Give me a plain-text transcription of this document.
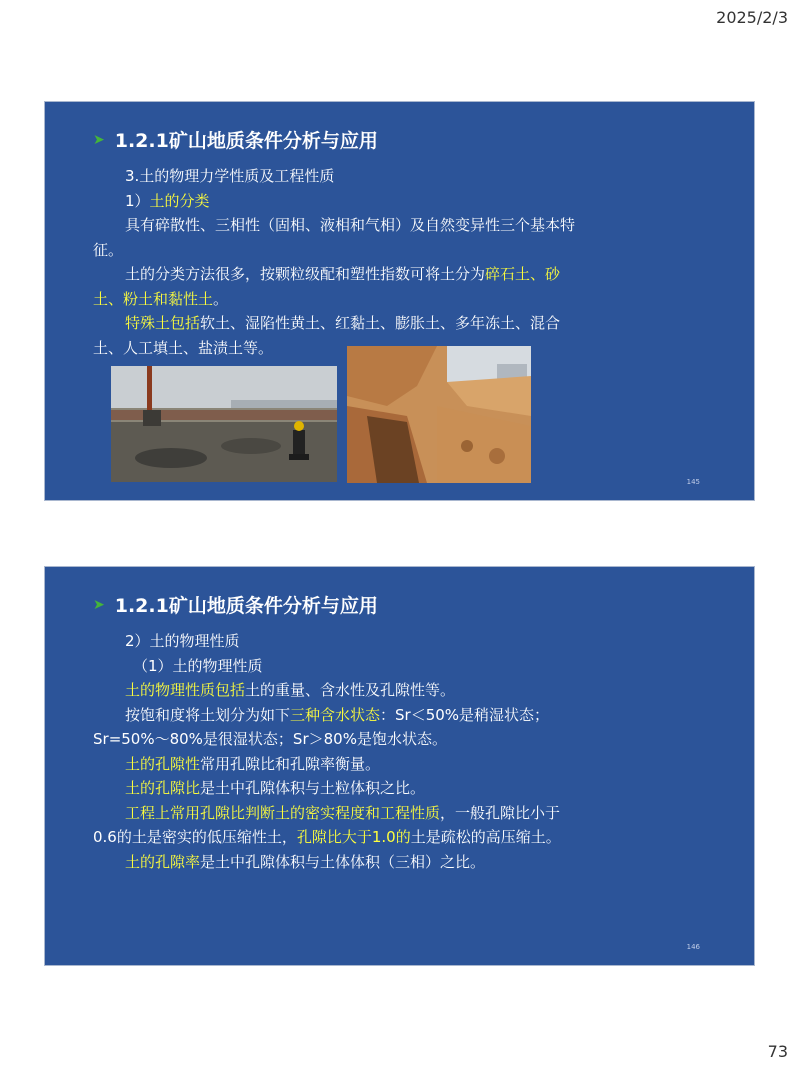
2025/2/3
➤ 1.2.1矿山地质条件分析与应用

3.土的物理力学性质及工程性质

1）土的分类

具有碎散性、三相性（固相、液相和气相）及自然变异性三个基本特征。

土的分类方法很多，按颗粒级配和塑性指数可将土分为碎石土、砂土、粉土和黏性土。

特殊土包括软土、湿陷性黄土、红黏土、膨胀土、多年冻土、混合土、人工填土、盐渍土等。

145
➤ 1.2.1矿山地质条件分析与应用

2）土的物理性质

（1）土的物理性质

土的物理性质包括土的重量、含水性及孔隙性等。

按饱和度将土划分为如下三种含水状态：Sr＜50%是稍湿状态；Sr=50%～80%是很湿状态；Sr＞80%是饱水状态。

土的孔隙性常用孔隙比和孔隙率衡量。

土的孔隙比是土中孔隙体积与土粒体积之比。

工程上常用孔隙比判断土的密实程度和工程性质，一般孔隙比小于0.6的土是密实的低压缩性土，孔隙比大于1.0的土是疏松的高压缩土。

土的孔隙率是土中孔隙体积与土体体积（三相）之比。

146
73
